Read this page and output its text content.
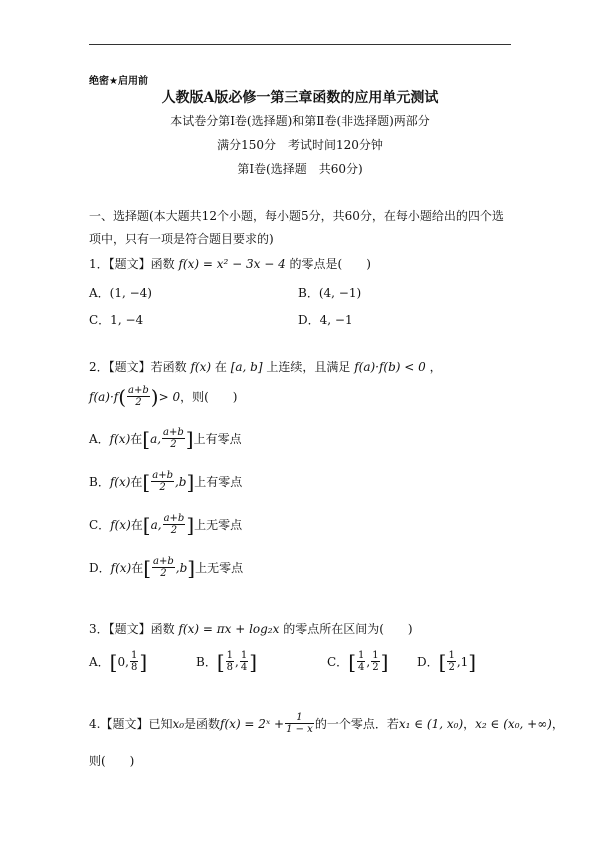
绝密★启用前
人教版A版必修一第三章函数的应用单元测试
本试卷分第Ⅰ卷(选择题)和第Ⅱ卷(非选择题)两部分
满分150分　考试时间120分钟
第Ⅰ卷(选择题　共60分)
一、选择题(本大题共12个小题，每小题5分，共60分，在每小题给出的四个选
项中，只有一项是符合题目要求的)
1．【题文】函数 f(x) = x² − 3x − 4 的零点是(　　)
A．(1, −4)	B．(4, −1)
C．1, −4	D．4, −1
2．【题文】若函数 f(x) 在 [a, b] 上连续，且满足 f(a)·f(b) < 0 ，
f(a)·f ( $\frac{a+b}{2}$ ) > 0 ，则(　　)
A． f(x) 在 [ a, $\frac{a+b}{2}$ ] 上有零点
B． f(x) 在 [ $\frac{a+b}{2} ,b$ ] 上有零点
C． f(x) 在 [ a, $\frac{a+b}{2}$ ] 上无零点
D． f(x) 在 [ $\frac{a+b}{2} ,b$ ] 上无零点
3．【题文】函数 f(x) = πx + log₂x 的零点所在区间为(　　)
A． [ 0, $\frac{1}{8}$ ]	B． [ $\frac{1}{8}$ , $\frac{1}{4}$ ]	C． [ $\frac{1}{4}$ , $\frac{1}{2}$ ] D． [ $\frac{1}{2}$ , 1 ]
4.【题文】已知 x₀ 是函数 f(x) = 2ˣ + $\frac{1}{1 - x}$ 的一个零点．若 x₁ ∈ (1, x₀) ， x₂ ∈ (x₀, +∞) ，
则(　　)
